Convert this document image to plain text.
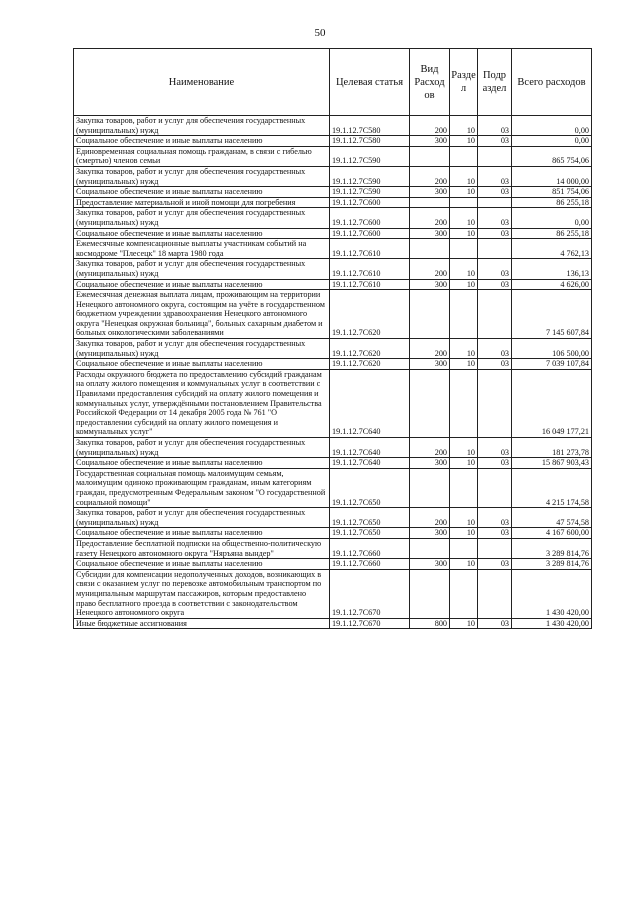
50
Наименование	Целевая статья	Вид Расход ов	Разде л	Подр аздел	Всего расходов
Закупка товаров, работ и услуг для обеспечения государственных (муниципальных) нужд	19.1.12.7С580	200	10	03	0,00
Социальное обеспечение и иные выплаты населению	19.1.12.7С580	300	10	03	0,00
Единовременная социальная помощь гражданам, в связи с гибелью (смертью) членов семьи	19.1.12.7С590				865 754,06
Закупка товаров, работ и услуг для обеспечения государственных (муниципальных) нужд	19.1.12.7С590	200	10	03	14 000,00
Социальное обеспечение и иные выплаты населению	19.1.12.7С590	300	10	03	851 754,06
Предоставление материальной и иной помощи для погребения	19.1.12.7С600				86 255,18
Закупка товаров, работ и услуг для обеспечения государственных (муниципальных) нужд	19.1.12.7С600	200	10	03	0,00
Социальное обеспечение и иные выплаты населению	19.1.12.7С600	300	10	03	86 255,18
Ежемесячные компенсационные выплаты участникам событий на космодроме "Плесецк" 18 марта 1980 года	19.1.12.7С610				4 762,13
Закупка товаров, работ и услуг для обеспечения государственных (муниципальных) нужд	19.1.12.7С610	200	10	03	136,13
Социальное обеспечение и иные выплаты населению	19.1.12.7С610	300	10	03	4 626,00
Ежемесячная денежная выплата лицам, проживающим на территории Ненецкого автономного округа, состоящим на учёте в государственном бюджетном учреждении здравоохранения Ненецкого автономного округа "Ненецкая окружная больница", больных сахарным диабетом и больных онкологическими заболеваниями	19.1.12.7С620				7 145 607,84
Закупка товаров, работ и услуг для обеспечения государственных (муниципальных) нужд	19.1.12.7С620	200	10	03	106 500,00
Социальное обеспечение и иные выплаты населению	19.1.12.7С620	300	10	03	7 039 107,84
Расходы окружного бюджета по предоставлению субсидий гражданам на оплату жилого помещения и коммунальных услуг в соответствии с Правилами предоставления субсидий на оплату жилого помещения и коммунальных услуг, утверждёнными постановлением Правительства Российской Федерации от 14 декабря 2005 года № 761 "О предоставлении субсидий на оплату жилого помещения и коммунальных услуг"	19.1.12.7С640				16 049 177,21
Закупка товаров, работ и услуг для обеспечения государственных (муниципальных) нужд	19.1.12.7С640	200	10	03	181 273,78
Социальное обеспечение и иные выплаты населению	19.1.12.7С640	300	10	03	15 867 903,43
Государственная социальная помощь малоимущим семьям, малоимущим одиноко проживающим гражданам, иным категориям граждан, предусмотренным Федеральным законом "О государственной социальной помощи"	19.1.12.7С650				4 215 174,58
Закупка товаров, работ и услуг для обеспечения государственных (муниципальных) нужд	19.1.12.7С650	200	10	03	47 574,58
Социальное обеспечение и иные выплаты населению	19.1.12.7С650	300	10	03	4 167 600,00
Предоставление бесплатной подписки на общественно-политическую газету Ненецкого автономного округа "Няръяна вындер"	19.1.12.7С660				3 289 814,76
Социальное обеспечение и иные выплаты населению	19.1.12.7С660	300	10	03	3 289 814,76
Субсидии для компенсации недополученных доходов, возникающих в связи с оказанием услуг по перевозке автомобильным транспортом по муниципальным маршрутам пассажиров, которым предоставлено право бесплатного проезда в соответствии с законодательством Ненецкого автономного округа	19.1.12.7С670				1 430 420,00
Иные бюджетные ассигнования	19.1.12.7С670	800	10	03	1 430 420,00
